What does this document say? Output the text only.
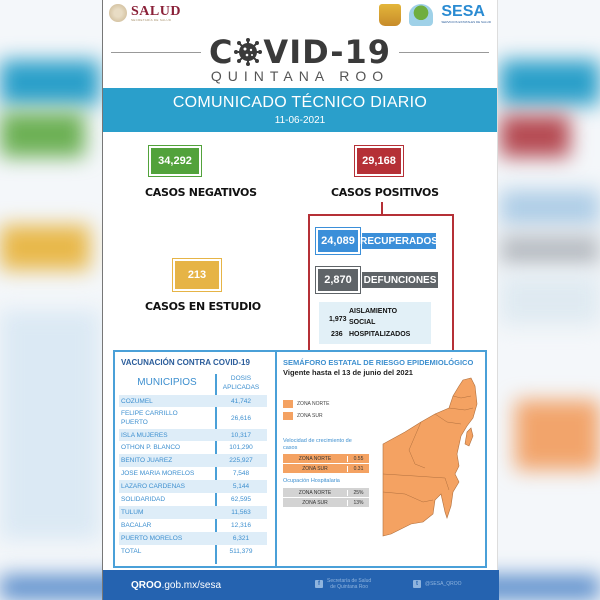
SALUD
SECRETARÍA DE SALUD	SESA
SERVICIOS ESTATALES DE SALUD
C VID-19
QUINTANA ROO
COMUNICADO TÉCNICO DIARIO
11-06-2021
34,292
CASOS NEGATIVOS
29,168
CASOS POSITIVOS
24,089 RECUPERADOS
2,870	DEFUNCIONES
1,973
AISLAMIENTO
SOCIAL
236 HOSPITALIZADOS
213
CASOS EN ESTUDIO
VACUNACIÓN CONTRA COVID-19
MUNICIPIOS	DOSIS
APLICADAS
COZUMEL	41,742
FELIPE CARRILLO PUERTO
26,616
ISLA MUJERES	10,317
OTHON P. BLANCO	101,290
BENITO JUAREZ	225,927
JOSE MARIA MORELOS	7,548
LAZARO CARDENAS	5,144
SOLIDARIDAD	62,595
TULUM	11,563
BACALAR	12,316
PUERTO MORELOS	6,321
TOTAL	511,379
SEMÁFORO ESTATAL DE RIESGO EPIDEMIOLÓGICO
Vigente hasta el 13 de junio del 2021
ZONA NORTE
ZONA SUR
Velocidad de crecimiento de casos
ZONA NORTE	0.55
ZONA SUR	0.31
Ocupación Hospitalaria
ZONA NORTE	25%
ZONA SUR	13%
QROO.gob.mx/sesa	f	Secretaría de Salud
de Quintana Roo	t	@SESA_QROO
